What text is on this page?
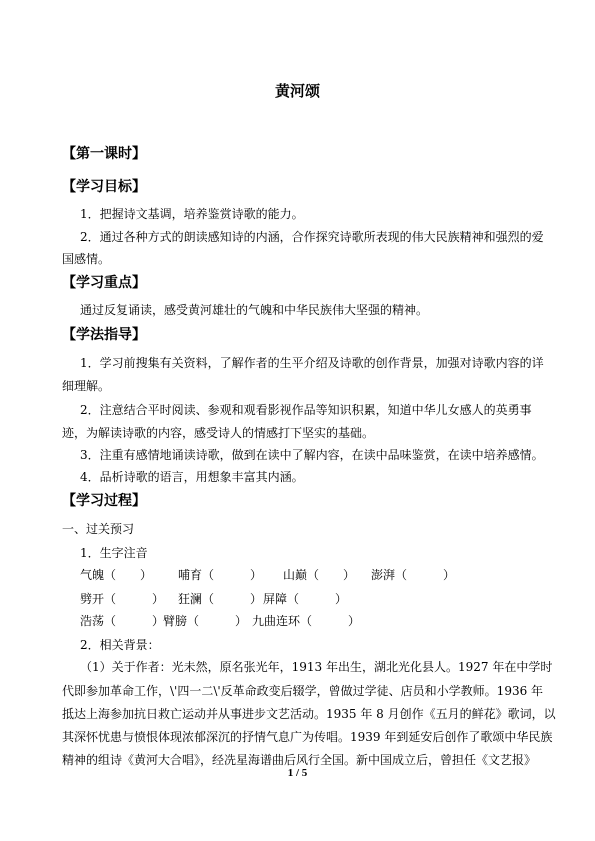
黄河颂
【第一课时】
【学习目标】
1．把握诗文基调，培养鉴赏诗歌的能力。
2．通过各种方式的朗读感知诗的内涵，合作探究诗歌所表现的伟大民族精神和强烈的爱
国感情。
【学习重点】
通过反复诵读，感受黄河雄壮的气魄和中华民族伟大坚强的精神。
【学法指导】
1．学习前搜集有关资料，了解作者的生平介绍及诗歌的创作背景，加强对诗歌内容的详
细理解。
2．注意结合平时阅读、参观和观看影视作品等知识积累，知道中华儿女感人的英勇事
迹，为解读诗歌的内容，感受诗人的情感打下坚实的基础。
3．注重有感情地诵读诗歌，做到在读中了解内容，在读中品味鉴赏，在读中培养感情。
4．品析诗歌的语言，用想象丰富其内涵。
【学习过程】
一、过关预习
1．生字注音
气魄（　　） 哺育（　　　） 山巅（　　） 澎湃（　　　）
劈开（　　　） 狂澜（　　　） 屏障（　　　）
浩荡（　　　）
臂膀（　　　） 九曲连环（　　　）
2．相关背景：
（1）关于作者：光未然，原名张光年，1913 年出生，湖北光化县人。1927 年在中学时
代即参加革命工作，\'四一二\'反革命政变后辍学，曾做过学徒、店员和小学教师。1936 年
抵达上海参加抗日救亡运动并从事进步文艺活动。1935 年 8 月创作《五月的鲜花》歌词，以
其深怀忧患与愤恨体现浓郁深沉的抒情气息广为传唱。1939 年到延安后创作了歌颂中华民族
精神的组诗《黄河大合唱》，经冼星海谱曲后风行全国。新中国成立后，曾担任《文艺报》
1 / 5
